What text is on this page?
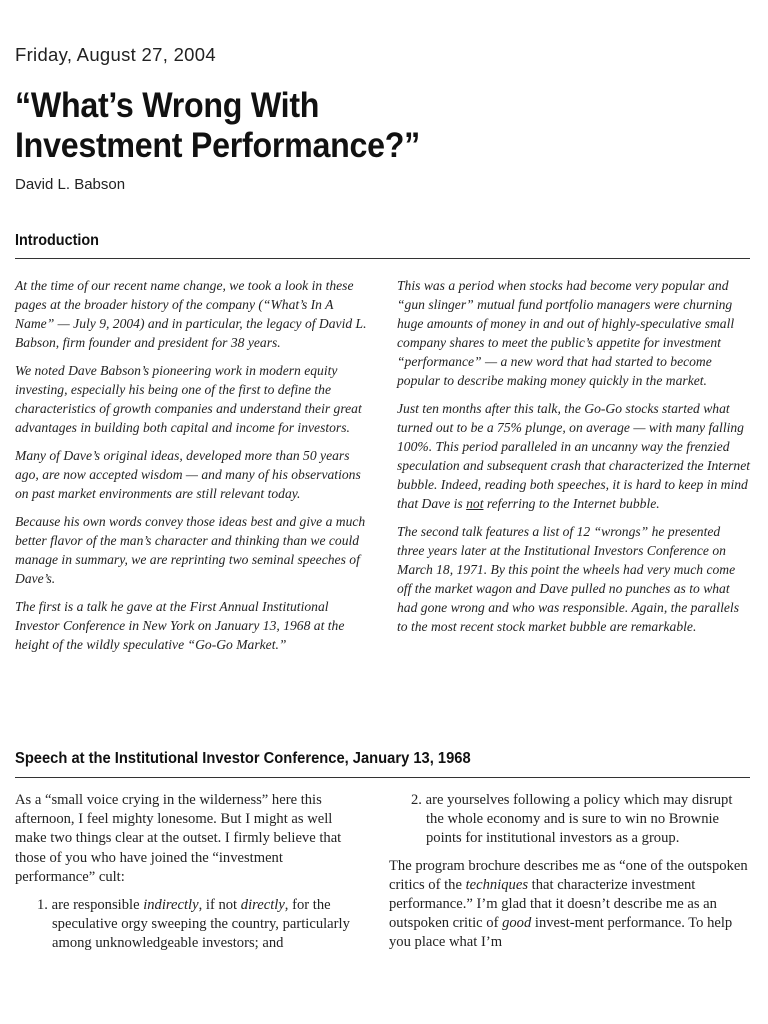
Friday, August 27, 2004
“What’s Wrong With
Investment Performance?”
David L. Babson
Introduction

At the time of our recent name change, we took a look in these pages at the broader history of the company (“What’s In A Name” — July 9, 2004) and in particular, the legacy of David L. Babson, firm founder and president for 38 years.

We noted Dave Babson’s pioneering work in modern equity investing, especially his being one of the first to define the characteristics of growth companies and understand their great advantages in building both capital and income for investors.

Many of Dave’s original ideas, developed more than 50 years ago, are now accepted wisdom — and many of his observations on past market environments are still relevant today.

Because his own words convey those ideas best and give a much better flavor of the man’s character and thinking than we could manage in summary, we are reprinting two seminal speeches of Dave’s.

The first is a talk he gave at the First Annual Institutional Investor Conference in New York on January 13, 1968 at the height of the wildly speculative “Go-Go Market.”

This was a period when stocks had become very popular and “gun slinger” mutual fund portfolio managers were churning huge amounts of money in and out of highly-speculative small company shares to meet the public’s appetite for investment “performance” — a new word that had started to become popular to describe making money quickly in the market.

Just ten months after this talk, the Go-Go stocks started what turned out to be a 75% plunge, on average — with many falling 100%. This period paralleled in an uncanny way the frenzied speculation and subsequent crash that characterized the Internet bubble. Indeed, reading both speeches, it is hard to keep in mind that Dave is not referring to the Internet bubble.

The second talk features a list of 12 “wrongs” he presented three years later at the Institutional Investors Conference on March 18, 1971. By this point the wheels had very much come off the market wagon and Dave pulled no punches as to what had gone wrong and who was responsible. Again, the parallels to the most recent stock market bubble are remarkable.

Speech at the Institutional Investor Conference, January 13, 1968

As a “small voice crying in the wilderness” here this afternoon, I feel mighty lonesome. But I might as well make two things clear at the outset. I firmly believe that those of you who have joined the “investment performance” cult:

1. are responsible indirectly, if not directly, for the speculative orgy sweeping the country, particularly among unknowledgeable investors; and
2. are yourselves following a policy which may disrupt the whole economy and is sure to win no Brownie points for institutional investors as a group.

The program brochure describes me as “one of the outspoken critics of the techniques that characterize investment performance.” I’m glad that it doesn’t describe me as an outspoken critic of good invest-ment performance. To help you place what I’m
